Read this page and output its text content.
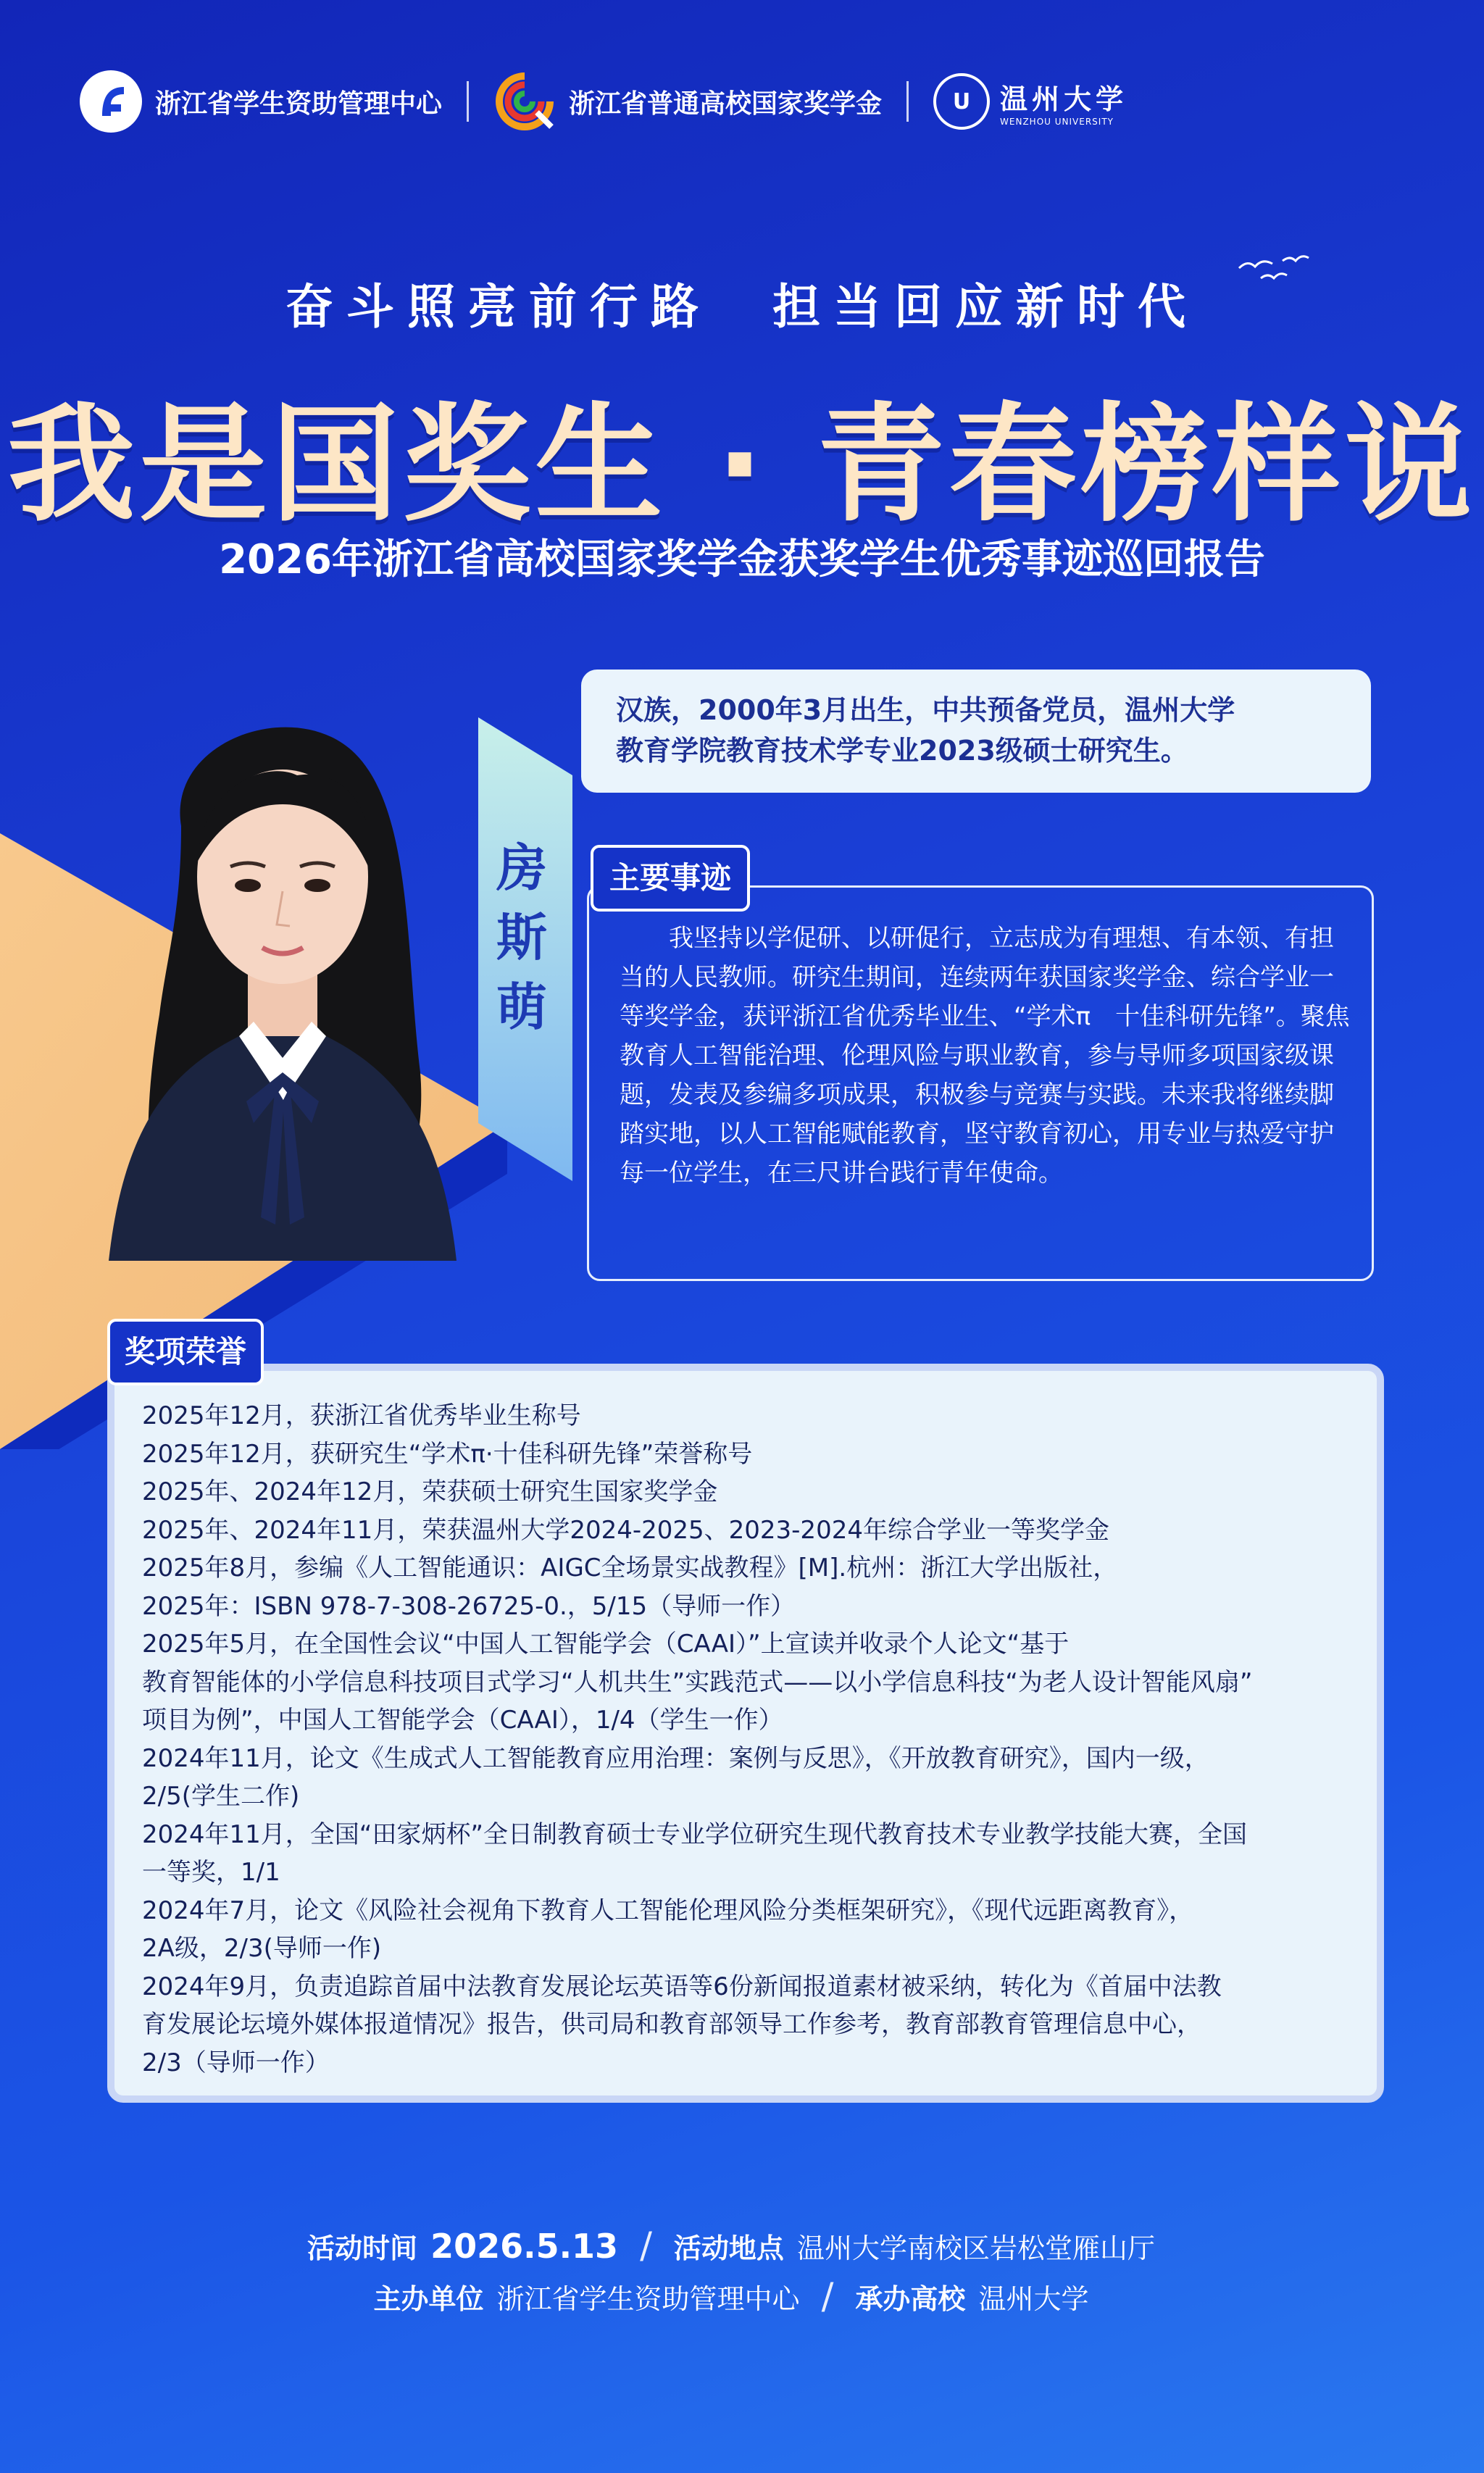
浙江省学生资助管理中心	浙江省普通高校国家奖学金	U 温州大学
WENZHOU UNIVERSITY
奋斗照亮前行路　担当回应新时代
我是国奖生 · 青春榜样说
2026年浙江省高校国家奖学金获奖学生优秀事迹巡回报告
房斯萌
汉族，2000年3月出生，中共预备党员，温州大学
教育学院教育技术学专业2023级硕士研究生。
主要事迹
我坚持以学促研、以研促行，立志成为有理想、有本领、有担当的人民教师。研究生期间，连续两年获国家奖学金、综合学业一等奖学金，获评浙江省优秀毕业生、“学术π　十佳科研先锋”。聚焦教育人工智能治理、伦理风险与职业教育，参与导师多项国家级课题，发表及参编多项成果，积极参与竞赛与实践。未来我将继续脚踏实地，以人工智能赋能教育，坚守教育初心，用专业与热爱守护每一位学生，在三尺讲台践行青年使命。
奖项荣誉
2025年12月，获浙江省优秀毕业生称号
2025年12月，获研究生“学术π·十佳科研先锋”荣誉称号
2025年、2024年12月，荣获硕士研究生国家奖学金
2025年、2024年11月，荣获温州大学2024-2025、2023-2024年综合学业一等奖学金
2025年8月，参编《人工智能通识：AIGC全场景实战教程》[M].杭州：浙江大学出版社，
2025年：ISBN 978-7-308-26725-0.，5/15（导师一作）
2025年5月，在全国性会议“中国人工智能学会（CAAI）”上宣读并收录个人论文“基于
教育智能体的小学信息科技项目式学习“人机共生”实践范式——以小学信息科技“为老人设计智能风扇”
项目为例”，中国人工智能学会（CAAI），1/4（学生一作）
2024年11月，论文《生成式人工智能教育应用治理：案例与反思》，《开放教育研究》，国内一级，
2/5(学生二作)
2024年11月，全国“田家炳杯”全日制教育硕士专业学位研究生现代教育技术专业教学技能大赛，全国
一等奖，1/1
2024年7月，论文《风险社会视角下教育人工智能伦理风险分类框架研究》，《现代远距离教育》，
2A级，2/3(导师一作)
2024年9月，负责追踪首届中法教育发展论坛英语等6份新闻报道素材被采纳，转化为《首届中法教
育发展论坛境外媒体报道情况》报告，供司局和教育部领导工作参考，教育部教育管理信息中心，
2/3（导师一作）
活动时间 2026.5.13 / 活动地点 温州大学南校区岩松堂雁山厅
主办单位 浙江省学生资助管理中心 / 承办高校 温州大学
